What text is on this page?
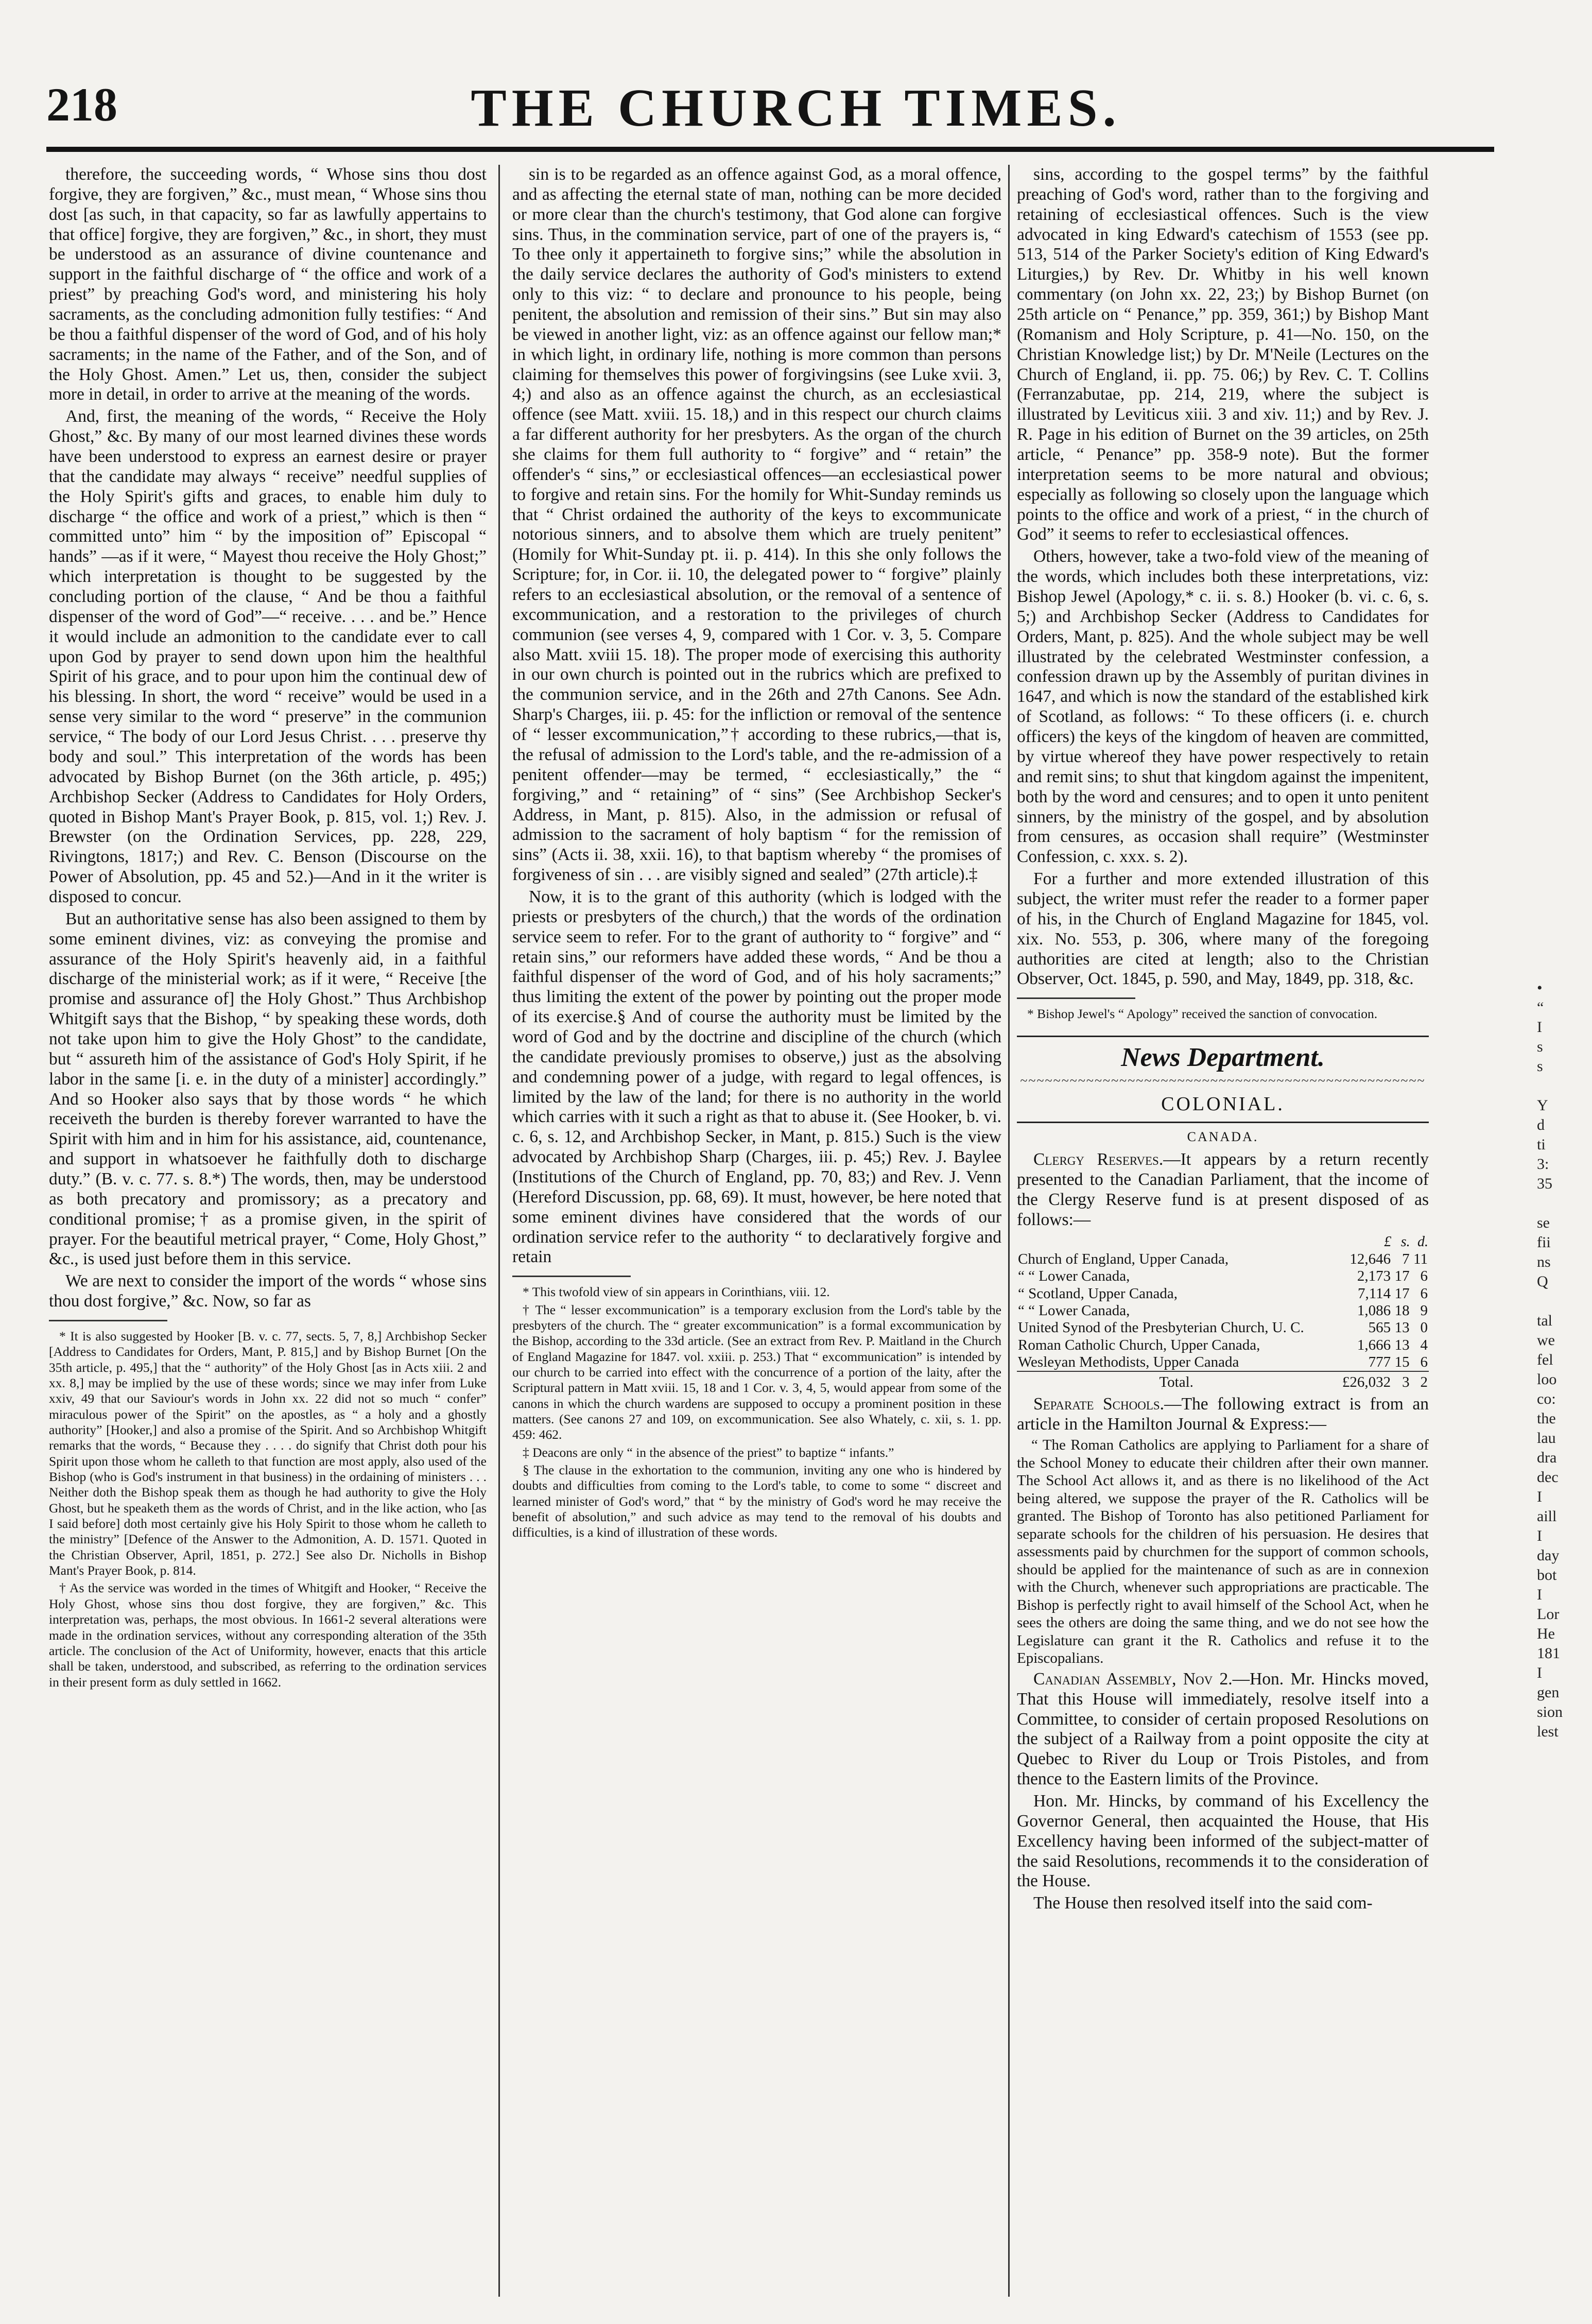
218	THE CHURCH TIMES.

therefore, the succeeding words, “ Whose sins thou dost forgive, they are forgiven,” &c., must mean, “ Whose sins thou dost [as such, in that capacity, so far as lawfully appertains to that office] forgive, they are forgiven,” &c., in short, they must be understood as an assurance of divine countenance and support in the faithful discharge of “ the office and work of a priest” by preaching God's word, and ministering his holy sacraments, as the concluding admonition fully testifies: “ And be thou a faithful dispenser of the word of God, and of his holy sacraments; in the name of the Father, and of the Son, and of the Holy Ghost. Amen.” Let us, then, consider the subject more in detail, in order to arrive at the meaning of the words.

And, first, the meaning of the words, “ Receive the Holy Ghost,” &c. By many of our most learned divines these words have been understood to express an earnest desire or prayer that the candidate may always “ receive” needful supplies of the Holy Spirit's gifts and graces, to enable him duly to discharge “ the office and work of a priest,” which is then “ committed unto” him “ by the imposition of” Episcopal “ hands” —as if it were, “ Mayest thou receive the Holy Ghost;” which interpretation is thought to be suggested by the concluding portion of the clause, “ And be thou a faithful dispenser of the word of God”—“ receive. . . . and be.” Hence it would include an admonition to the candidate ever to call upon God by prayer to send down upon him the healthful Spirit of his grace, and to pour upon him the continual dew of his blessing. In short, the word “ receive” would be used in a sense very similar to the word “ preserve” in the communion service, “ The body of our Lord Jesus Christ. . . . preserve thy body and soul.” This interpretation of the words has been advocated by Bishop Burnet (on the 36th article, p. 495;) Archbishop Secker (Address to Candidates for Holy Orders, quoted in Bishop Mant's Prayer Book, p. 815, vol. 1;) Rev. J. Brewster (on the Ordination Services, pp. 228, 229, Rivingtons, 1817;) and Rev. C. Benson (Discourse on the Power of Absolution, pp. 45 and 52.)—And in it the writer is disposed to concur.

But an authoritative sense has also been assigned to them by some eminent divines, viz: as conveying the promise and assurance of the Holy Spirit's heavenly aid, in a faithful discharge of the ministerial work; as if it were, “ Receive [the promise and assurance of] the Holy Ghost.” Thus Archbishop Whitgift says that the Bishop, “ by speaking these words, doth not take upon him to give the Holy Ghost” to the candidate, but “ assureth him of the assistance of God's Holy Spirit, if he labor in the same [i. e. in the duty of a minister] accordingly.” And so Hooker also says that by those words “ he which receiveth the burden is thereby forever warranted to have the Spirit with him and in him for his assistance, aid, countenance, and support in whatsoever he faithfully doth to discharge duty.” (B. v. c. 77. s. 8.*) The words, then, may be understood as both precatory and promissory; as a precatory and conditional promise;† as a promise given, in the spirit of prayer. For the beautiful metrical prayer, “ Come, Holy Ghost,” &c., is used just before them in this service.

We are next to consider the import of the words “ whose sins thou dost forgive,” &c. Now, so far as

* It is also suggested by Hooker [B. v. c. 77, sects. 5, 7, 8,] Archbishop Secker [Address to Candidates for Orders, Mant, P. 815,] and by Bishop Burnet [On the 35th article, p. 495,] that the “ authority” of the Holy Ghost [as in Acts xiii. 2 and xx. 8,] may be implied by the use of these words; since we may infer from Luke xxiv, 49 that our Saviour's words in John xx. 22 did not so much “ confer” miraculous power of the Spirit” on the apostles, as “ a holy and a ghostly authority” [Hooker,] and also a promise of the Spirit. And so Archbishop Whitgift remarks that the words, “ Because they . . . . do signify that Christ doth pour his Spirit upon those whom he calleth to that function are most apply, also used of the Bishop (who is God's instrument in that business) in the ordaining of ministers . . . Neither doth the Bishop speak them as though he had authority to give the Holy Ghost, but he speaketh them as the words of Christ, and in the like action, who [as I said before] doth most certainly give his Holy Spirit to those whom he calleth to the ministry” [Defence of the Answer to the Admonition, A. D. 1571. Quoted in the Christian Observer, April, 1851, p. 272.] See also Dr. Nicholls in Bishop Mant's Prayer Book, p. 814.

† As the service was worded in the times of Whitgift and Hooker, “ Receive the Holy Ghost, whose sins thou dost forgive, they are forgiven,” &c. This interpretation was, perhaps, the most obvious. In 1661-2 several alterations were made in the ordination services, without any corresponding alteration of the 35th article. The conclusion of the Act of Uniformity, however, enacts that this article shall be taken, understood, and subscribed, as referring to the ordination services in their present form as duly settled in 1662.

sin is to be regarded as an offence against God, as a moral offence, and as affecting the eternal state of man, nothing can be more decided or more clear than the church's testimony, that God alone can forgive sins. Thus, in the commination service, part of one of the prayers is, “ To thee only it appertaineth to forgive sins;” while the absolution in the daily service declares the authority of God's ministers to extend only to this viz: “ to declare and pronounce to his people, being penitent, the absolution and remission of their sins.” But sin may also be viewed in another light, viz: as an offence against our fellow man;* in which light, in ordinary life, nothing is more common than persons claiming for themselves this power of forgivingsins (see Luke xvii. 3, 4;) and also as an offence against the church, as an ecclesiastical offence (see Matt. xviii. 15. 18,) and in this respect our church claims a far different authority for her presbyters. As the organ of the church she claims for them full authority to “ forgive” and “ retain” the offender's “ sins,” or ecclesiastical offences—an ecclesiastical power to forgive and retain sins. For the homily for Whit-Sunday reminds us that “ Christ ordained the authority of the keys to excommunicate notorious sinners, and to absolve them which are truely penitent” (Homily for Whit-Sunday pt. ii. p. 414). In this she only follows the Scripture; for, in Cor. ii. 10, the delegated power to “ forgive” plainly refers to an ecclesiastical absolution, or the removal of a sentence of excommunication, and a restoration to the privileges of church communion (see verses 4, 9, compared with 1 Cor. v. 3, 5. Compare also Matt. xviii 15. 18). The proper mode of exercising this authority in our own church is pointed out in the rubrics which are prefixed to the communion service, and in the 26th and 27th Canons. See Adn. Sharp's Charges, iii. p. 45: for the infliction or removal of the sentence of “ lesser excommunication,”† according to these rubrics,—that is, the refusal of admission to the Lord's table, and the re-admission of a penitent offender—may be termed, “ ecclesiastically,” the “ forgiving,” and “ retaining” of “ sins” (See Archbishop Secker's Address, in Mant, p. 815). Also, in the admission or refusal of admission to the sacrament of holy baptism “ for the remission of sins” (Acts ii. 38, xxii. 16), to that baptism whereby “ the promises of forgiveness of sin . . . are visibly signed and sealed” (27th article).‡

Now, it is to the grant of this authority (which is lodged with the priests or presbyters of the church,) that the words of the ordination service seem to refer. For to the grant of authority to “ forgive” and “ retain sins,” our reformers have added these words, “ And be thou a faithful dispenser of the word of God, and of his holy sacraments;” thus limiting the extent of the power by pointing out the proper mode of its exercise.§ And of course the authority must be limited by the word of God and by the doctrine and discipline of the church (which the candidate previously promises to observe,) just as the absolving and condemning power of a judge, with regard to legal offences, is limited by the law of the land; for there is no authority in the world which carries with it such a right as that to abuse it. (See Hooker, b. vi. c. 6, s. 12, and Archbishop Secker, in Mant, p. 815.) Such is the view advocated by Archbishop Sharp (Charges, iii. p. 45;) Rev. J. Baylee (Institutions of the Church of England, pp. 70, 83;) and Rev. J. Venn (Hereford Discussion, pp. 68, 69). It must, however, be here noted that some eminent divines have considered that the words of our ordination service refer to the authority “ to declaratively forgive and retain

* This twofold view of sin appears in Corinthians, viii. 12.

† The “ lesser excommunication” is a temporary exclusion from the Lord's table by the presbyters of the church. The “ greater excommunication” is a formal excommunication by the Bishop, according to the 33d article. (See an extract from Rev. P. Maitland in the Church of England Magazine for 1847. vol. xxiii. p. 253.) That “ excommunication” is intended by our church to be carried into effect with the concurrence of a portion of the laity, after the Scriptural pattern in Matt xviii. 15, 18 and 1 Cor. v. 3, 4, 5, would appear from some of the canons in which the church wardens are supposed to occupy a prominent position in these matters. (See canons 27 and 109, on excommunication. See also Whately, c. xii, s. 1. pp. 459: 462.

‡ Deacons are only “ in the absence of the priest” to baptize “ infants.”

§ The clause in the exhortation to the communion, inviting any one who is hindered by doubts and difficulties from coming to the Lord's table, to come to some “ discreet and learned minister of God's word,” that “ by the ministry of God's word he may receive the benefit of absolution,” and such advice as may tend to the removal of his doubts and difficulties, is a kind of illustration of these words.

sins, according to the gospel terms” by the faithful preaching of God's word, rather than to the forgiving and retaining of ecclesiastical offences. Such is the view advocated in king Edward's catechism of 1553 (see pp. 513, 514 of the Parker Society's edition of King Edward's Liturgies,) by Rev. Dr. Whitby in his well known commentary (on John xx. 22, 23;) by Bishop Burnet (on 25th article on “ Penance,” pp. 359, 361;) by Bishop Mant (Romanism and Holy Scripture, p. 41—No. 150, on the Christian Knowledge list;) by Dr. M'Neile (Lectures on the Church of England, ii. pp. 75. 06;) by Rev. C. T. Collins (Ferranzabutae, pp. 214, 219, where the subject is illustrated by Leviticus xiii. 3 and xiv. 11;) and by Rev. J. R. Page in his edition of Burnet on the 39 articles, on 25th article, “ Penance” pp. 358-9 note). But the former interpretation seems to be more natural and obvious; especially as following so closely upon the language which points to the office and work of a priest, “ in the church of God” it seems to refer to ecclesiastical offences.

Others, however, take a two-fold view of the meaning of the words, which includes both these interpretations, viz: Bishop Jewel (Apology,* c. ii. s. 8.) Hooker (b. vi. c. 6, s. 5;) and Archbishop Secker (Address to Candidates for Orders, Mant, p. 825). And the whole subject may be well illustrated by the celebrated Westminster confession, a confession drawn up by the Assembly of puritan divines in 1647, and which is now the standard of the established kirk of Scotland, as follows: “ To these officers (i. e. church officers) the keys of the kingdom of heaven are committed, by virtue whereof they have power respectively to retain and remit sins; to shut that kingdom against the impenitent, both by the word and censures; and to open it unto penitent sinners, by the ministry of the gospel, and by absolution from censures, as occasion shall require” (Westminster Confession, c. xxx. s. 2).

For a further and more extended illustration of this subject, the writer must refer the reader to a former paper of his, in the Church of England Magazine for 1845, vol. xix. No. 553, p. 306, where many of the foregoing authorities are cited at length; also to the Christian Observer, Oct. 1845, p. 590, and May, 1849, pp. 318, &c.

* Bishop Jewel's “ Apology” received the sanction of convocation.

News Department.
~~~~~~~~~~~~~~~~~~~~~~~~~~~~~~~~~~~~~~~~~~~~~~~~~
COLONIAL.
CANADA.

Clergy Reserves.—It appears by a return recently presented to the Canadian Parliament, that the income of the Clergy Reserve fund is at present disposed of as follows:—

	£	s.	d.
Church of England, Upper Canada,	12,646	7	11
“ “ Lower Canada,	2,173	17	6
“ Scotland, Upper Canada,	7,114	17	6
“ “ Lower Canada,	1,086	18	9
United Synod of the Presbyterian Church, U. C.	565	13	0
Roman Catholic Church, Upper Canada,	1,666	13	4
Wesleyan Methodists, Upper Canada	777	15	6
Total.	£26,032	3	2

Separate Schools.—The following extract is from an article in the Hamilton Journal & Express:—

“ The Roman Catholics are applying to Parliament for a share of the School Money to educate their children after their own manner. The School Act allows it, and as there is no likelihood of the Act being altered, we suppose the prayer of the R. Catholics will be granted. The Bishop of Toronto has also petitioned Parliament for separate schools for the children of his persuasion. He desires that assessments paid by churchmen for the support of common schools, should be applied for the maintenance of such as are in connexion with the Church, whenever such appropriations are practicable. The Bishop is perfectly right to avail himself of the School Act, when he sees the others are doing the same thing, and we do not see how the Legislature can grant it the R. Catholics and refuse it to the Episcopalians.

Canadian Assembly, Nov 2.—Hon. Mr. Hincks moved, That this House will immediately, resolve itself into a Committee, to consider of certain proposed Resolutions on the subject of a Railway from a point opposite the city at Quebec to River du Loup or Trois Pistoles, and from thence to the Eastern limits of the Province.

Hon. Mr. Hincks, by command of his Excellency the Governor General, then acquainted the House, that His Excellency having been informed of the subject-matter of the said Resolutions, recommends it to the consideration of the House.

The House then resolved itself into the said com-

•
“
I
s
s
Y
d
ti
3:
35
se
fii
ns
Q
tal
we
fel
loo
co:
the
lau
dra
dec
I
aill
I
day
bot
I
Lor
He
181
I
gen
sion
lest
